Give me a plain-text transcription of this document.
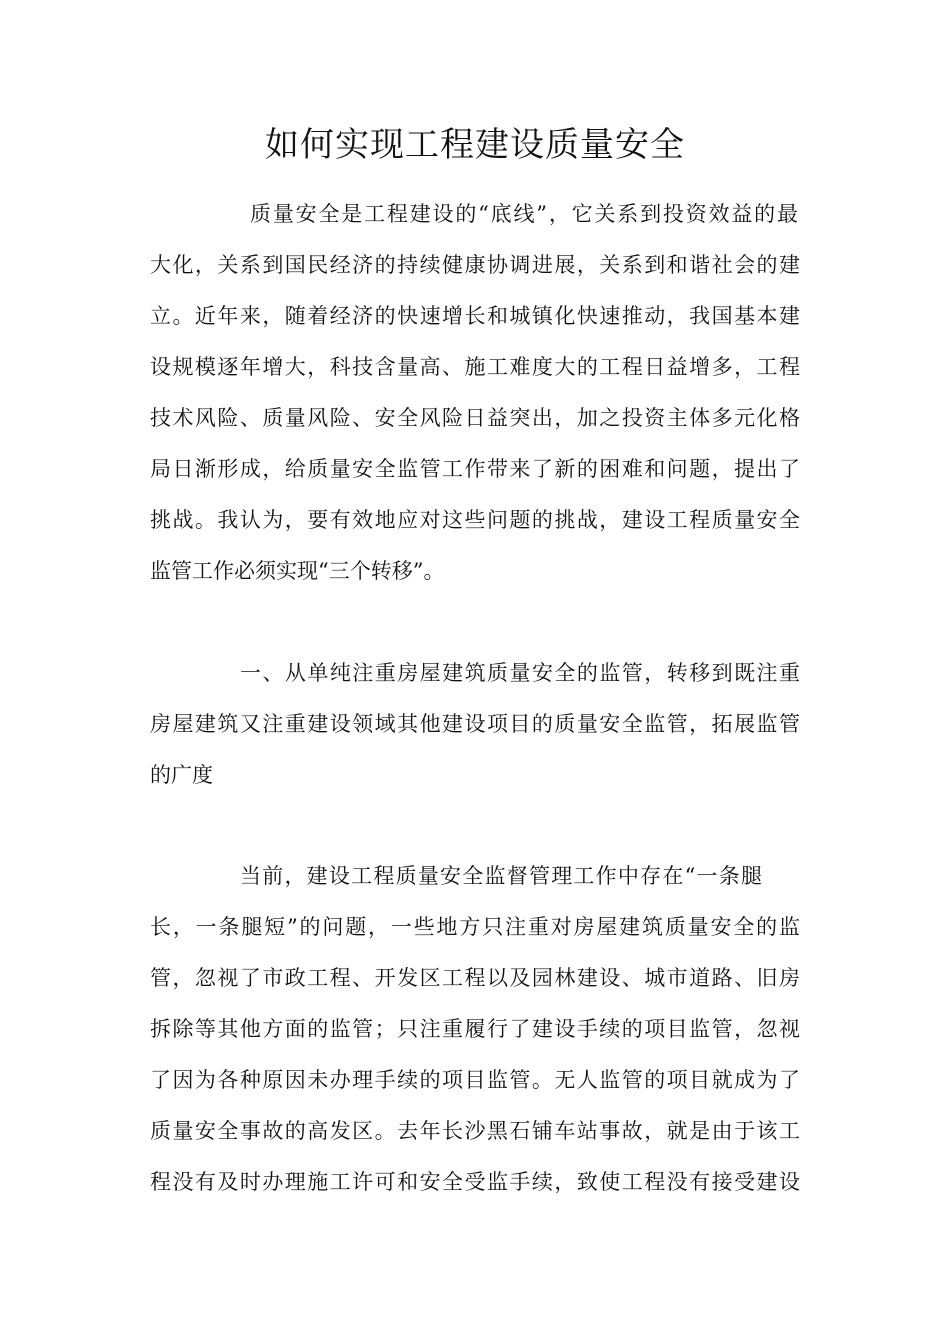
如何实现工程建设质量安全
质量安全是工程建设的“底线”，它关系到投资效益的最
大化，关系到国民经济的持续健康协调进展，关系到和谐社会的建
立。近年来，随着经济的快速增长和城镇化快速推动，我国基本建
设规模逐年增大，科技含量高、施工难度大的工程日益增多，工程
技术风险、质量风险、安全风险日益突出，加之投资主体多元化格
局日渐形成，给质量安全监管工作带来了新的困难和问题，提出了
挑战。我认为，要有效地应对这些问题的挑战，建设工程质量安全
监管工作必须实现“三个转移”。
一、从单纯注重房屋建筑质量安全的监管，转移到既注重
房屋建筑又注重建设领域其他建设项目的质量安全监管，拓展监管
的广度
当前，建设工程质量安全监督管理工作中存在“一条腿
长，一条腿短”的问题，一些地方只注重对房屋建筑质量安全的监
管，忽视了市政工程、开发区工程以及园林建设、城市道路、旧房
拆除等其他方面的监管；只注重履行了建设手续的项目监管，忽视
了因为各种原因未办理手续的项目监管。无人监管的项目就成为了
质量安全事故的高发区。去年长沙黑石铺车站事故，就是由于该工
程没有及时办理施工许可和安全受监手续，致使工程没有接受建设
